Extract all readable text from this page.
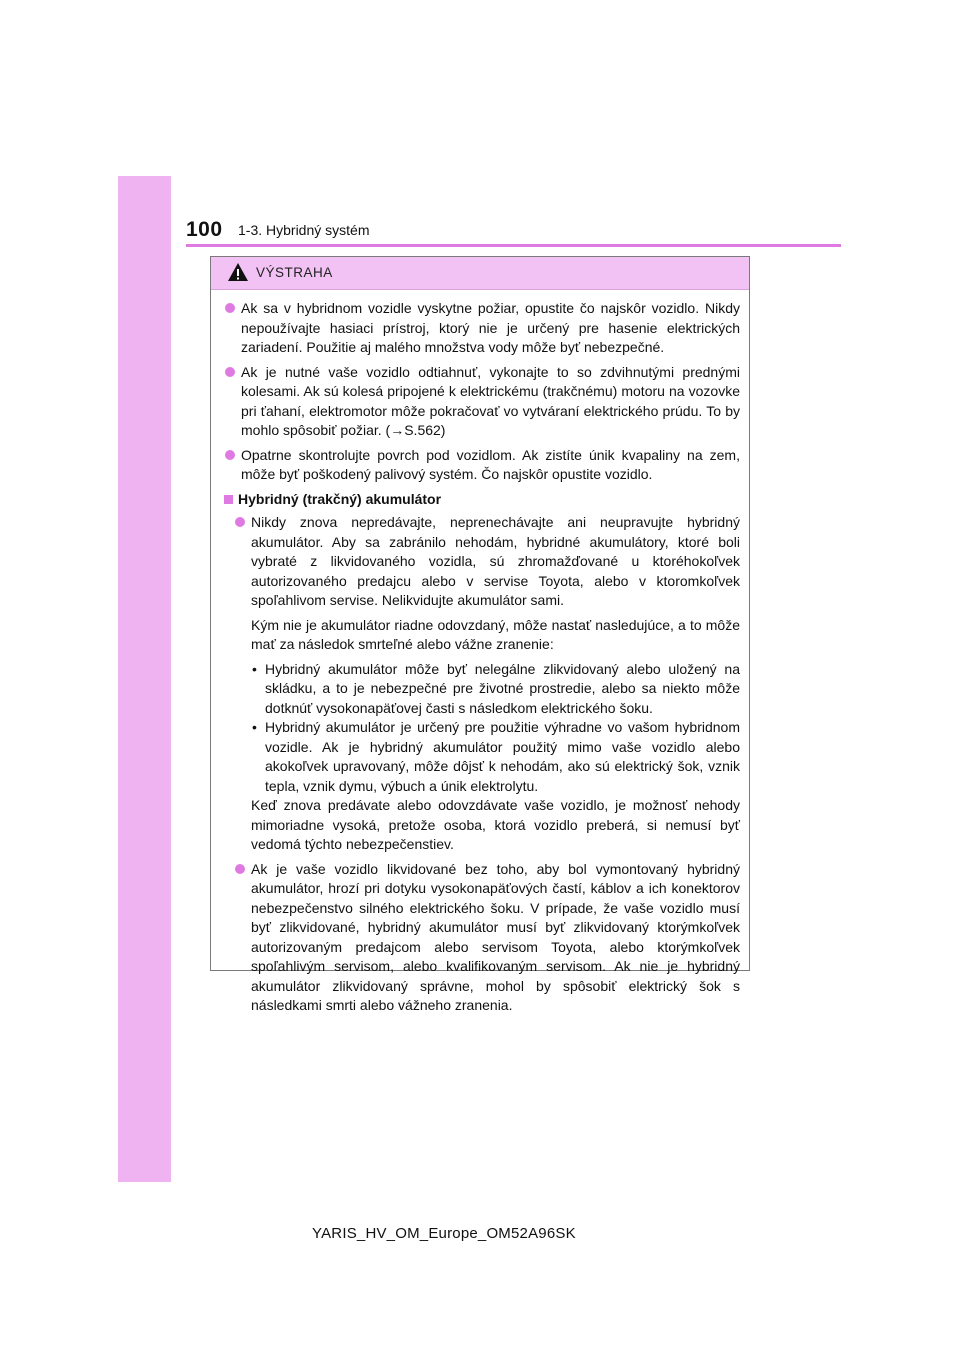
100 1-3. Hybridný systém
VÝSTRAHA
Ak sa v hybridnom vozidle vyskytne požiar, opustite čo najskôr vozidlo. Nikdy nepoužívajte hasiaci prístroj, ktorý nie je určený pre hasenie elektrických zariadení. Použitie aj malého množstva vody môže byť nebezpečné.
Ak je nutné vaše vozidlo odtiahnuť, vykonajte to so zdvihnutými prednými kolesami. Ak sú kolesá pripojené k elektrickému (trakčnému) motoru na vozovke pri ťahaní, elektromotor môže pokračovať vo vytváraní elektrického prúdu. To by mohlo spôsobiť požiar. (→S.562)
Opatrne skontrolujte povrch pod vozidlom. Ak zistíte únik kvapaliny na zem, môže byť poškodený palivový systém. Čo najskôr opustite vozidlo.
Hybridný (trakčný) akumulátor
Nikdy znova nepredávajte, neprenechávajte ani neupravujte hybridný akumulátor. Aby sa zabránilo nehodám, hybridné akumulátory, ktoré boli vybraté z likvidovaného vozidla, sú zhromažďované u ktoréhokoľvek autorizovaného predajcu alebo v servise Toyota, alebo v ktoromkoľvek spoľahlivom servise. Nelikvidujte akumulátor sami.
Kým nie je akumulátor riadne odovzdaný, môže nastať nasledujúce, a to môže mať za následok smrteľné alebo vážne zranenie:
• Hybridný akumulátor môže byť nelegálne zlikvidovaný alebo uložený na skládku, a to je nebezpečné pre životné prostredie, alebo sa niekto môže dotknúť vysokonapäťovej časti s následkom elektrického šoku.
• Hybridný akumulátor je určený pre použitie výhradne vo vašom hybridnom vozidle. Ak je hybridný akumulátor použitý mimo vaše vozidlo alebo akokoľvek upravovaný, môže dôjsť k nehodám, ako sú elektrický šok, vznik tepla, vznik dymu, výbuch a únik elektrolytu.
Keď znova predávate alebo odovzdávate vaše vozidlo, je možnosť nehody mimoriadne vysoká, pretože osoba, ktorá vozidlo preberá, si nemusí byť vedomá týchto nebezpečenstiev.
Ak je vaše vozidlo likvidované bez toho, aby bol vymontovaný hybridný akumulátor, hrozí pri dotyku vysokonapäťových častí, káblov a ich konektorov nebezpečenstvo silného elektrického šoku. V prípade, že vaše vozidlo musí byť zlikvidované, hybridný akumulátor musí byť zlikvidovaný ktorýmkoľvek autorizovaným predajcom alebo servisom Toyota, alebo ktorýmkoľvek spoľahlivým servisom, alebo kvalifikovaným servisom. Ak nie je hybridný akumulátor zlikvidovaný správne, mohol by spôsobiť elektrický šok s následkami smrti alebo vážneho zranenia.
YARIS_HV_OM_Europe_OM52A96SK
